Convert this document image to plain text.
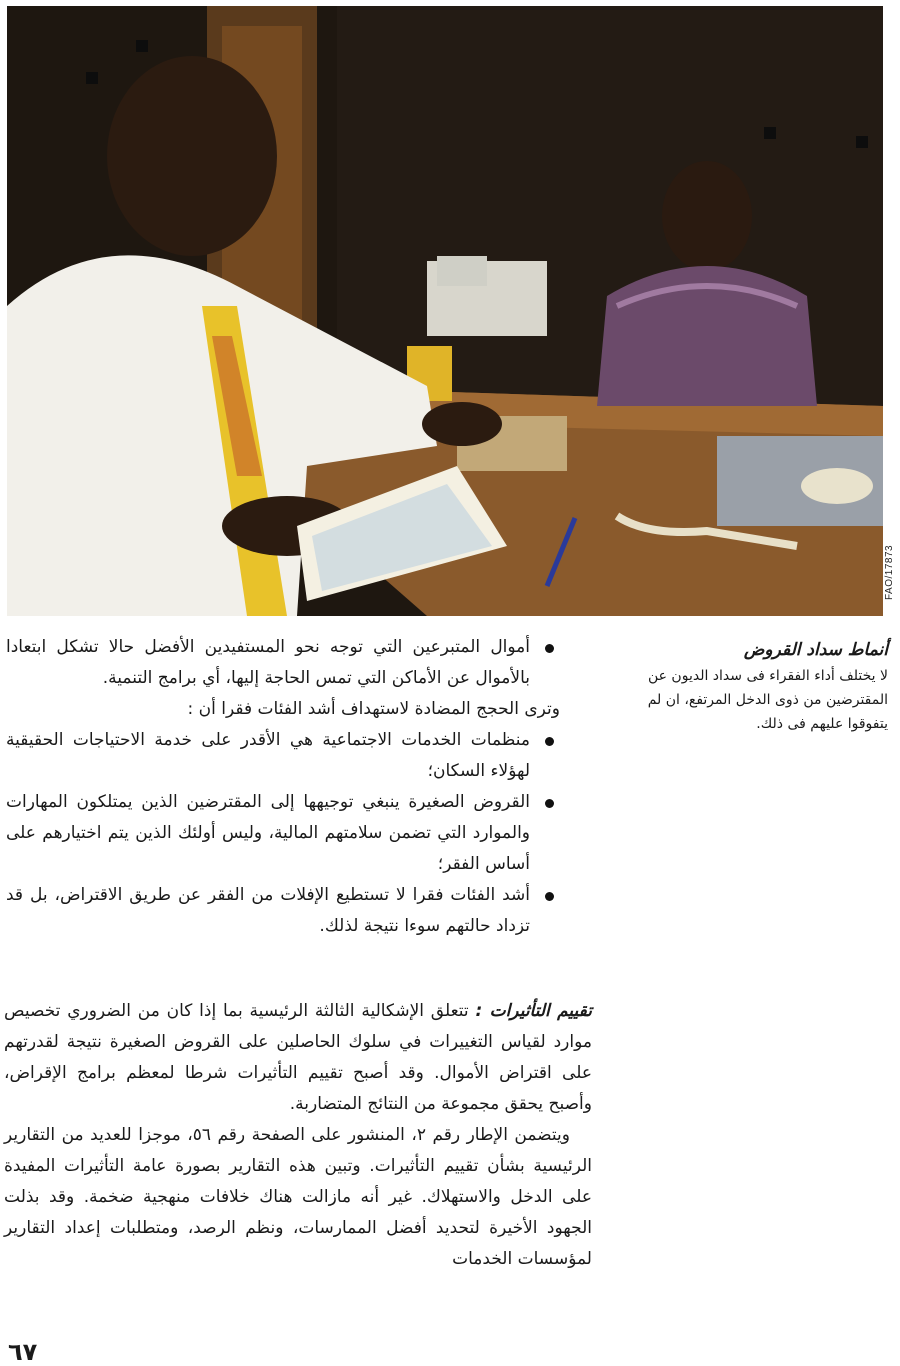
FAO/17873

أنماط سداد القروض

لا يختلف أداء الفقراء فى سداد الديون عن المقترضين من ذوى الدخل المرتفع، ان لم يتفوقوا عليهم فى ذلك.

أموال المتبرعين التي توجه نحو المستفيدين الأفضل حالا تشكل ابتعادا بالأموال عن الأماكن التي تمس الحاجة إليها، أي برامج التنمية.
وترى الحجج المضادة لاستهداف أشد الفئات فقرا أن :
منظمات الخدمات الاجتماعية هي الأقدر على خدمة الاحتياجات الحقيقية لهؤلاء السكان؛
القروض الصغيرة ينبغي توجيهها إلى المقترضين الذين يمتلكون المهارات والموارد التي تضمن سلامتهم المالية، وليس أولئك الذين يتم اختيارهم على أساس الفقر؛
أشد الفئات فقرا لا تستطيع الإفلات من الفقر عن طريق الاقتراض، بل قد تزداد حالتهم سوءا نتيجة لذلك.

تقييم التأثيرات : تتعلق الإشكالية الثالثة الرئيسية بما إذا كان من الضروري تخصيص موارد لقياس التغييرات في سلوك الحاصلين على القروض الصغيرة نتيجة لقدرتهم على اقتراض الأموال. وقد أصبح تقييم التأثيرات شرطا لمعظم برامج الإقراض، وأصبح يحقق مجموعة من النتائج المتضاربة.

ويتضمن الإطار رقم ٢، المنشور على الصفحة رقم ٥٦، موجزا للعديد من التقارير الرئيسية بشأن تقييم التأثيرات. وتبين هذه التقارير بصورة عامة التأثيرات المفيدة على الدخل والاستهلاك. غير أنه مازالت هناك خلافات منهجية ضخمة. وقد بذلت الجهود الأخيرة لتحديد أفضل الممارسات، ونظم الرصد، ومتطلبات إعداد التقارير لمؤسسات الخدمات

٦٧
